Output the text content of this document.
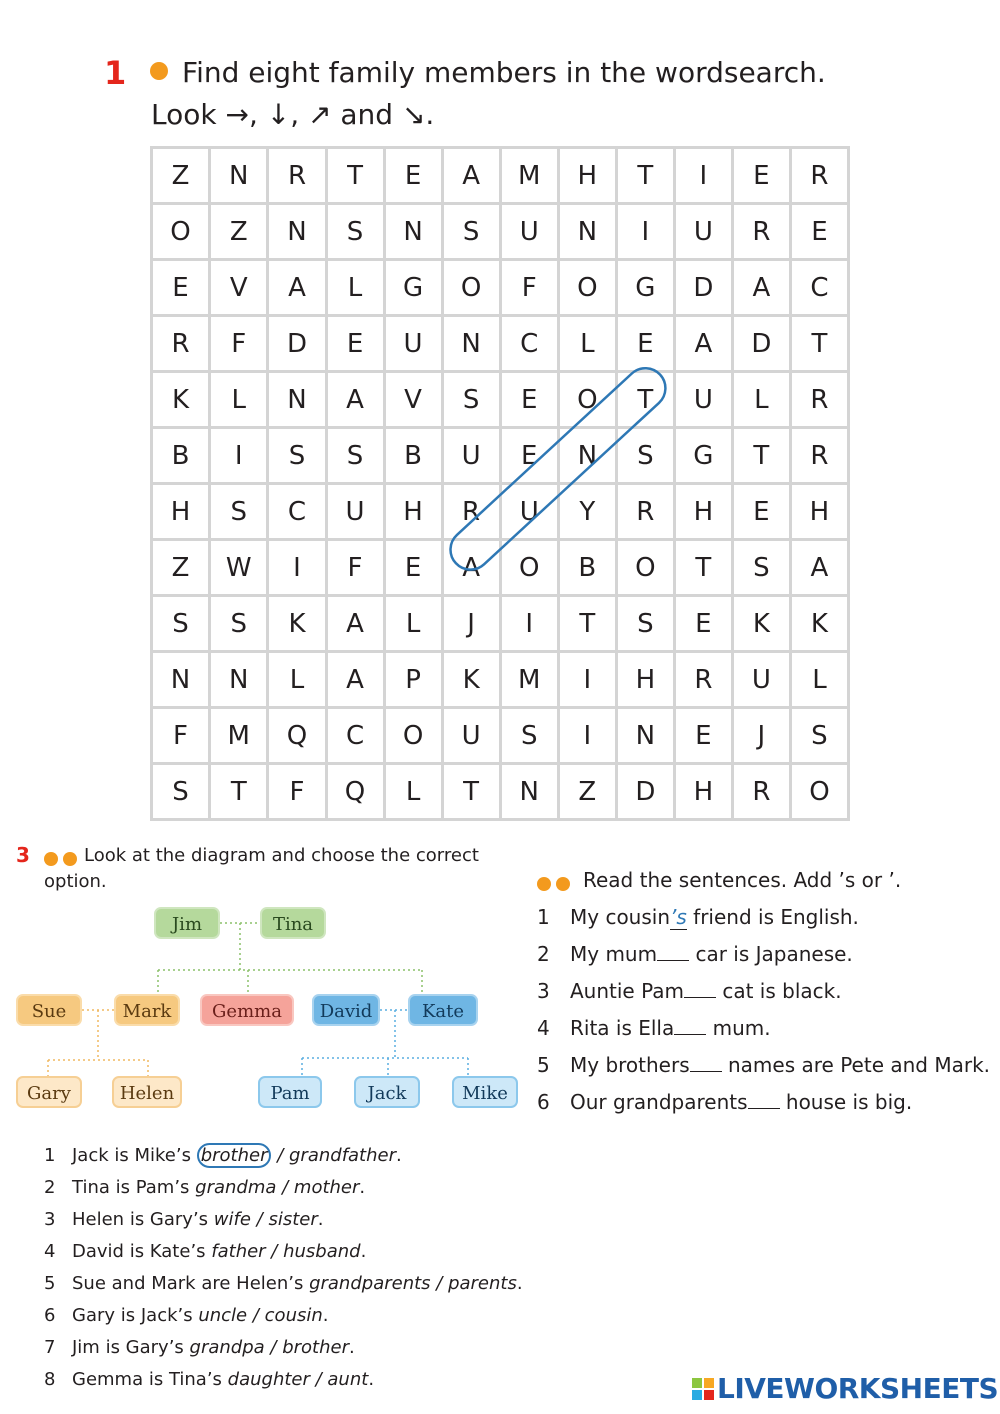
1 Find eight family members in the wordsearch.
Look →, ↓, ↗ and ↘.
Z	N	R	T	E	A	M	H	T	I	E	R
O	Z	N	S	N	S	U	N	I	U	R	E
E	V	A	L	G	O	F	O	G	D	A	C
R	F	D	E	U	N	C	L	E	A	D	T
K	L	N	A	V	S	E	O	T	U	L	R
B	I	S	S	B	U	E	N	S	G	T	R
H	S	C	U	H	R	U	Y	R	H	E	H
Z	W	I	F	E	A	O	B	O	T	S	A
S	S	K	A	L	J	I	T	S	E	K	K
N	N	L	A	P	K	M	I	H	R	U	L
F	M	Q	C	O	U	S	I	N	E	J	S
S	T	F	Q	L	T	N	Z	D	H	R	O
3
	Look at the diagram and choose the correct
option.
Jim	Tina
Sue	Mark	Gemma	David	Kate
Gary	Helen	Pam	Jack	Mike
1 Jack is Mike’s brother / grandfather.
2 Tina is Pam’s grandma / mother.
3 Helen is Gary’s wife / sister.
4 David is Kate’s father / husband.
5 Sue and Mark are Helen’s grandparents / parents.
6 Gary is Jack’s uncle / cousin.
7 Jim is Gary’s grandpa / brother.
8 Gemma is Tina’s daughter / aunt.

Read the sentences. Add ’s or ’.
1 My cousin’s friend is English.
2 My mum car is Japanese.
3 Auntie Pam cat is black.
4 Rita is Ella mum.
5 My brothers names are Pete and Mark.
6 Our grandparents house is big.
LIVEWORKSHEETS
